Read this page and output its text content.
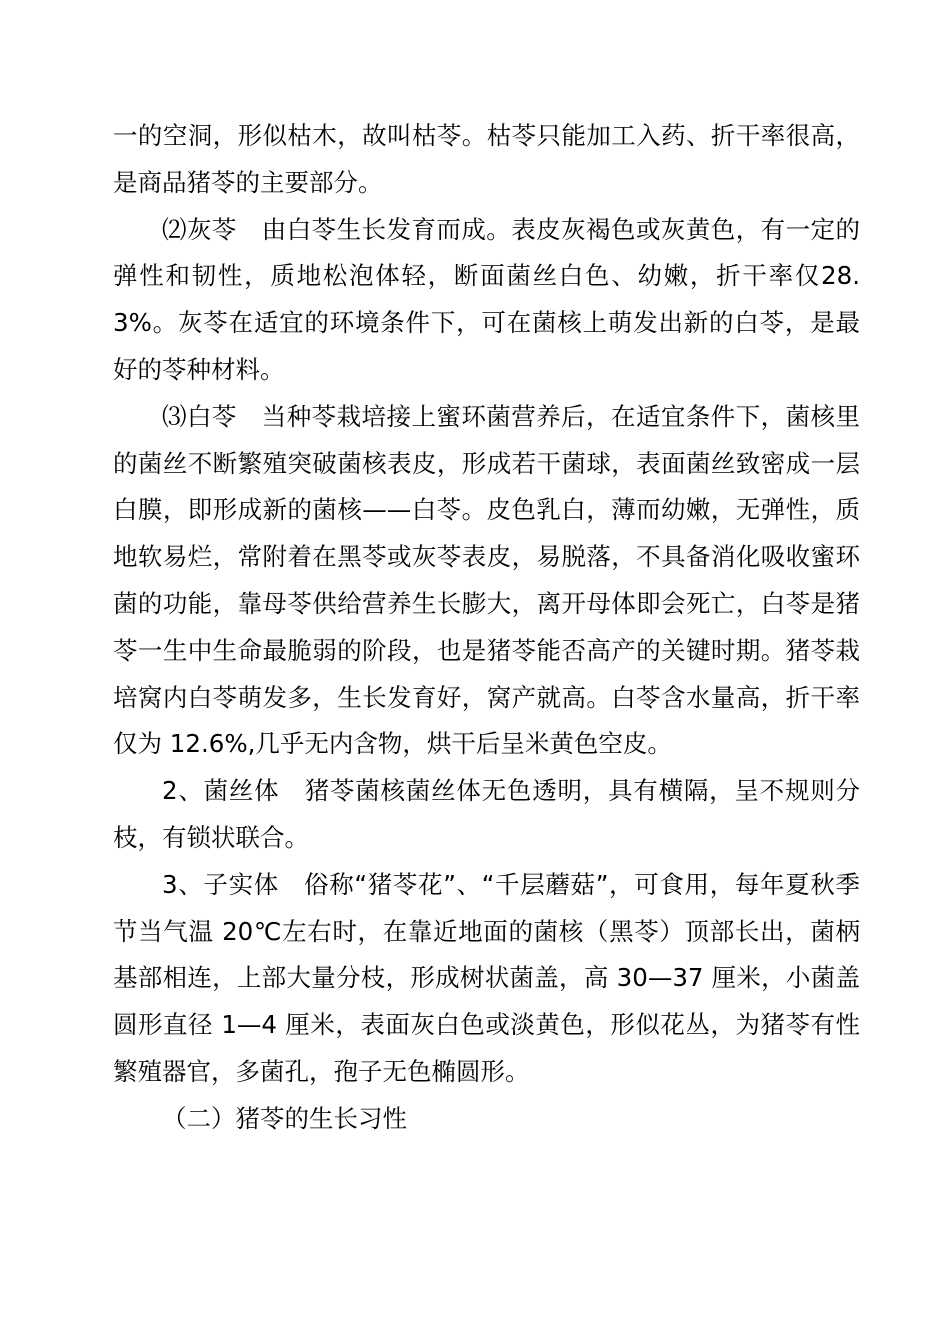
一的空洞，形似枯木，故叫枯苓。枯苓只能加工入药、折干率很高，是商品猪苓的主要部分。

⑵灰苓　由白苓生长发育而成。表皮灰褐色或灰黄色，有一定的弹性和韧性，质地松泡体轻，断面菌丝白色、幼嫩，折干率仅28.3%。灰苓在适宜的环境条件下，可在菌核上萌发出新的白苓，是最好的苓种材料。

⑶白苓　当种苓栽培接上蜜环菌营养后，在适宜条件下，菌核里的菌丝不断繁殖突破菌核表皮，形成若干菌球，表面菌丝致密成一层白膜，即形成新的菌核——白苓。皮色乳白，薄而幼嫩，无弹性，质地软易烂，常附着在黑苓或灰苓表皮，易脱落，不具备消化吸收蜜环菌的功能，靠母苓供给营养生长膨大，离开母体即会死亡，白苓是猪苓一生中生命最脆弱的阶段，也是猪苓能否高产的关键时期。猪苓栽培窝内白苓萌发多，生长发育好，窝产就高。白苓含水量高，折干率仅为 12.6%,几乎无内含物，烘干后呈米黄色空皮。

2、菌丝体　猪苓菌核菌丝体无色透明，具有横隔，呈不规则分枝，有锁状联合。

3、子实体　俗称“猪苓花”、“千层蘑菇”，可食用，每年夏秋季节当气温 20℃左右时，在靠近地面的菌核（黑苓）顶部长出，菌柄基部相连，上部大量分枝，形成树状菌盖，高 30—37 厘米，小菌盖圆形直径 1—4 厘米，表面灰白色或淡黄色，形似花丛，为猪苓有性繁殖器官，多菌孔，孢子无色椭圆形。

（二）猪苓的生长习性
